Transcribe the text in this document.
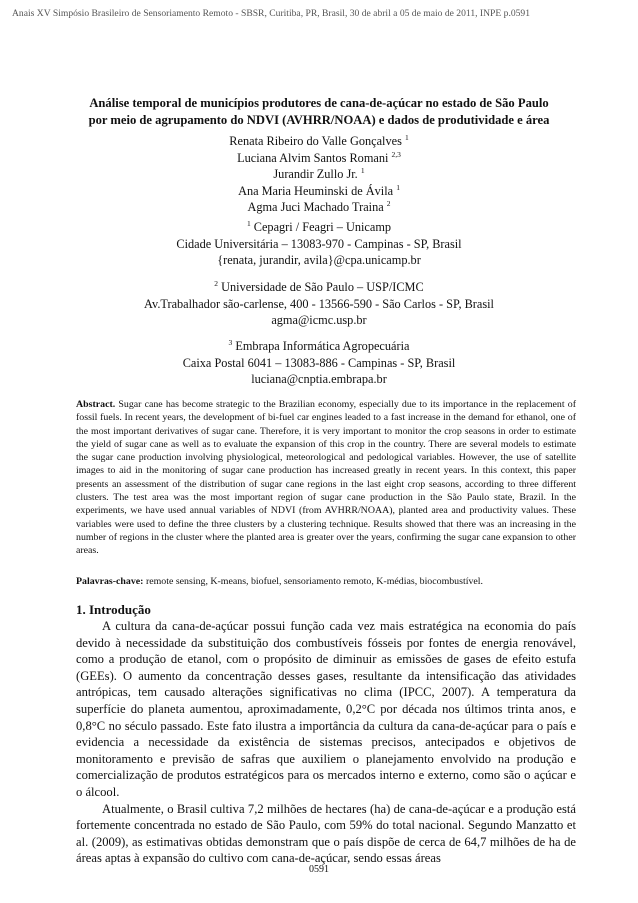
Anais XV Simpósio Brasileiro de Sensoriamento Remoto - SBSR, Curitiba, PR, Brasil, 30 de abril a 05 de maio de 2011, INPE p.0591
Análise temporal de municípios produtores de cana-de-açúcar no estado de São Paulo
por meio de agrupamento do NDVI (AVHRR/NOAA) e dados de produtividade e área
Renata Ribeiro do Valle Gonçalves $^1$
Luciana Alvim Santos Romani $^{2,3}$
Jurandir Zullo Jr. $^1$
Ana Maria Heuminski de Ávila $^1$
Agma Juci Machado Traina $^2$
$^1$ Cepagri / Feagri – Unicamp
Cidade Universitária – 13083-970 - Campinas - SP, Brasil
{renata, jurandir, avila}@cpa.unicamp.br
$^2$ Universidade de São Paulo – USP/ICMC
Av.Trabalhador são-carlense, 400 - 13566-590 - São Carlos - SP, Brasil
agma@icmc.usp.br
$^3$ Embrapa Informática Agropecuária
Caixa Postal 6041 – 13083-886 - Campinas - SP, Brasil
luciana@cnptia.embrapa.br
Abstract. Sugar cane has become strategic to the Brazilian economy, especially due to its importance in the replacement of fossil fuels. In recent years, the development of bi-fuel car engines leaded to a fast increase in the demand for ethanol, one of the most important derivatives of sugar cane. Therefore, it is very important to monitor the crop seasons in order to estimate the yield of sugar cane as well as to evaluate the expansion of this crop in the country. There are several models to estimate the sugar cane production involving physiological, meteorological and pedological variables. However, the use of satellite images to aid in the monitoring of sugar cane production has increased greatly in recent years. In this context, this paper presents an assessment of the distribution of sugar cane regions in the last eight crop seasons, according to three different clusters. The test area was the most important region of sugar cane production in the São Paulo state, Brazil. In the experiments, we have used annual variables of NDVI (from AVHRR/NOAA), planted area and productivity values. These variables were used to define the three clusters by a clustering technique. Results showed that there was an increasing in the number of regions in the cluster where the planted area is greater over the years, confirming the sugar cane expansion to other areas.
Palavras-chave: remote sensing, K-means, biofuel, sensoriamento remoto, K-médias, biocombustível.
1. Introdução

A cultura da cana-de-açúcar possui função cada vez mais estratégica na economia do país devido à necessidade da substituição dos combustíveis fósseis por fontes de energia renovável, como a produção de etanol, com o propósito de diminuir as emissões de gases de efeito estufa (GEEs). O aumento da concentração desses gases, resultante da intensificação das atividades antrópicas, tem causado alterações significativas no clima (IPCC, 2007). A temperatura da superfície do planeta aumentou, aproximadamente, 0,2°C por década nos últimos trinta anos, e 0,8°C no século passado. Este fato ilustra a importância da cultura da cana-de-açúcar para o país e evidencia a necessidade da existência de sistemas precisos, antecipados e objetivos de monitoramento e previsão de safras que auxiliem o planejamento envolvido na produção e comercialização de produtos estratégicos para os mercados interno e externo, como são o açúcar e o álcool.

Atualmente, o Brasil cultiva 7,2 milhões de hectares (ha) de cana-de-açúcar e a produção está fortemente concentrada no estado de São Paulo, com 59% do total nacional. Segundo Manzatto et al. (2009), as estimativas obtidas demonstram que o país dispõe de cerca de 64,7 milhões de ha de áreas aptas à expansão do cultivo com cana-de-açúcar, sendo essas áreas

0591
